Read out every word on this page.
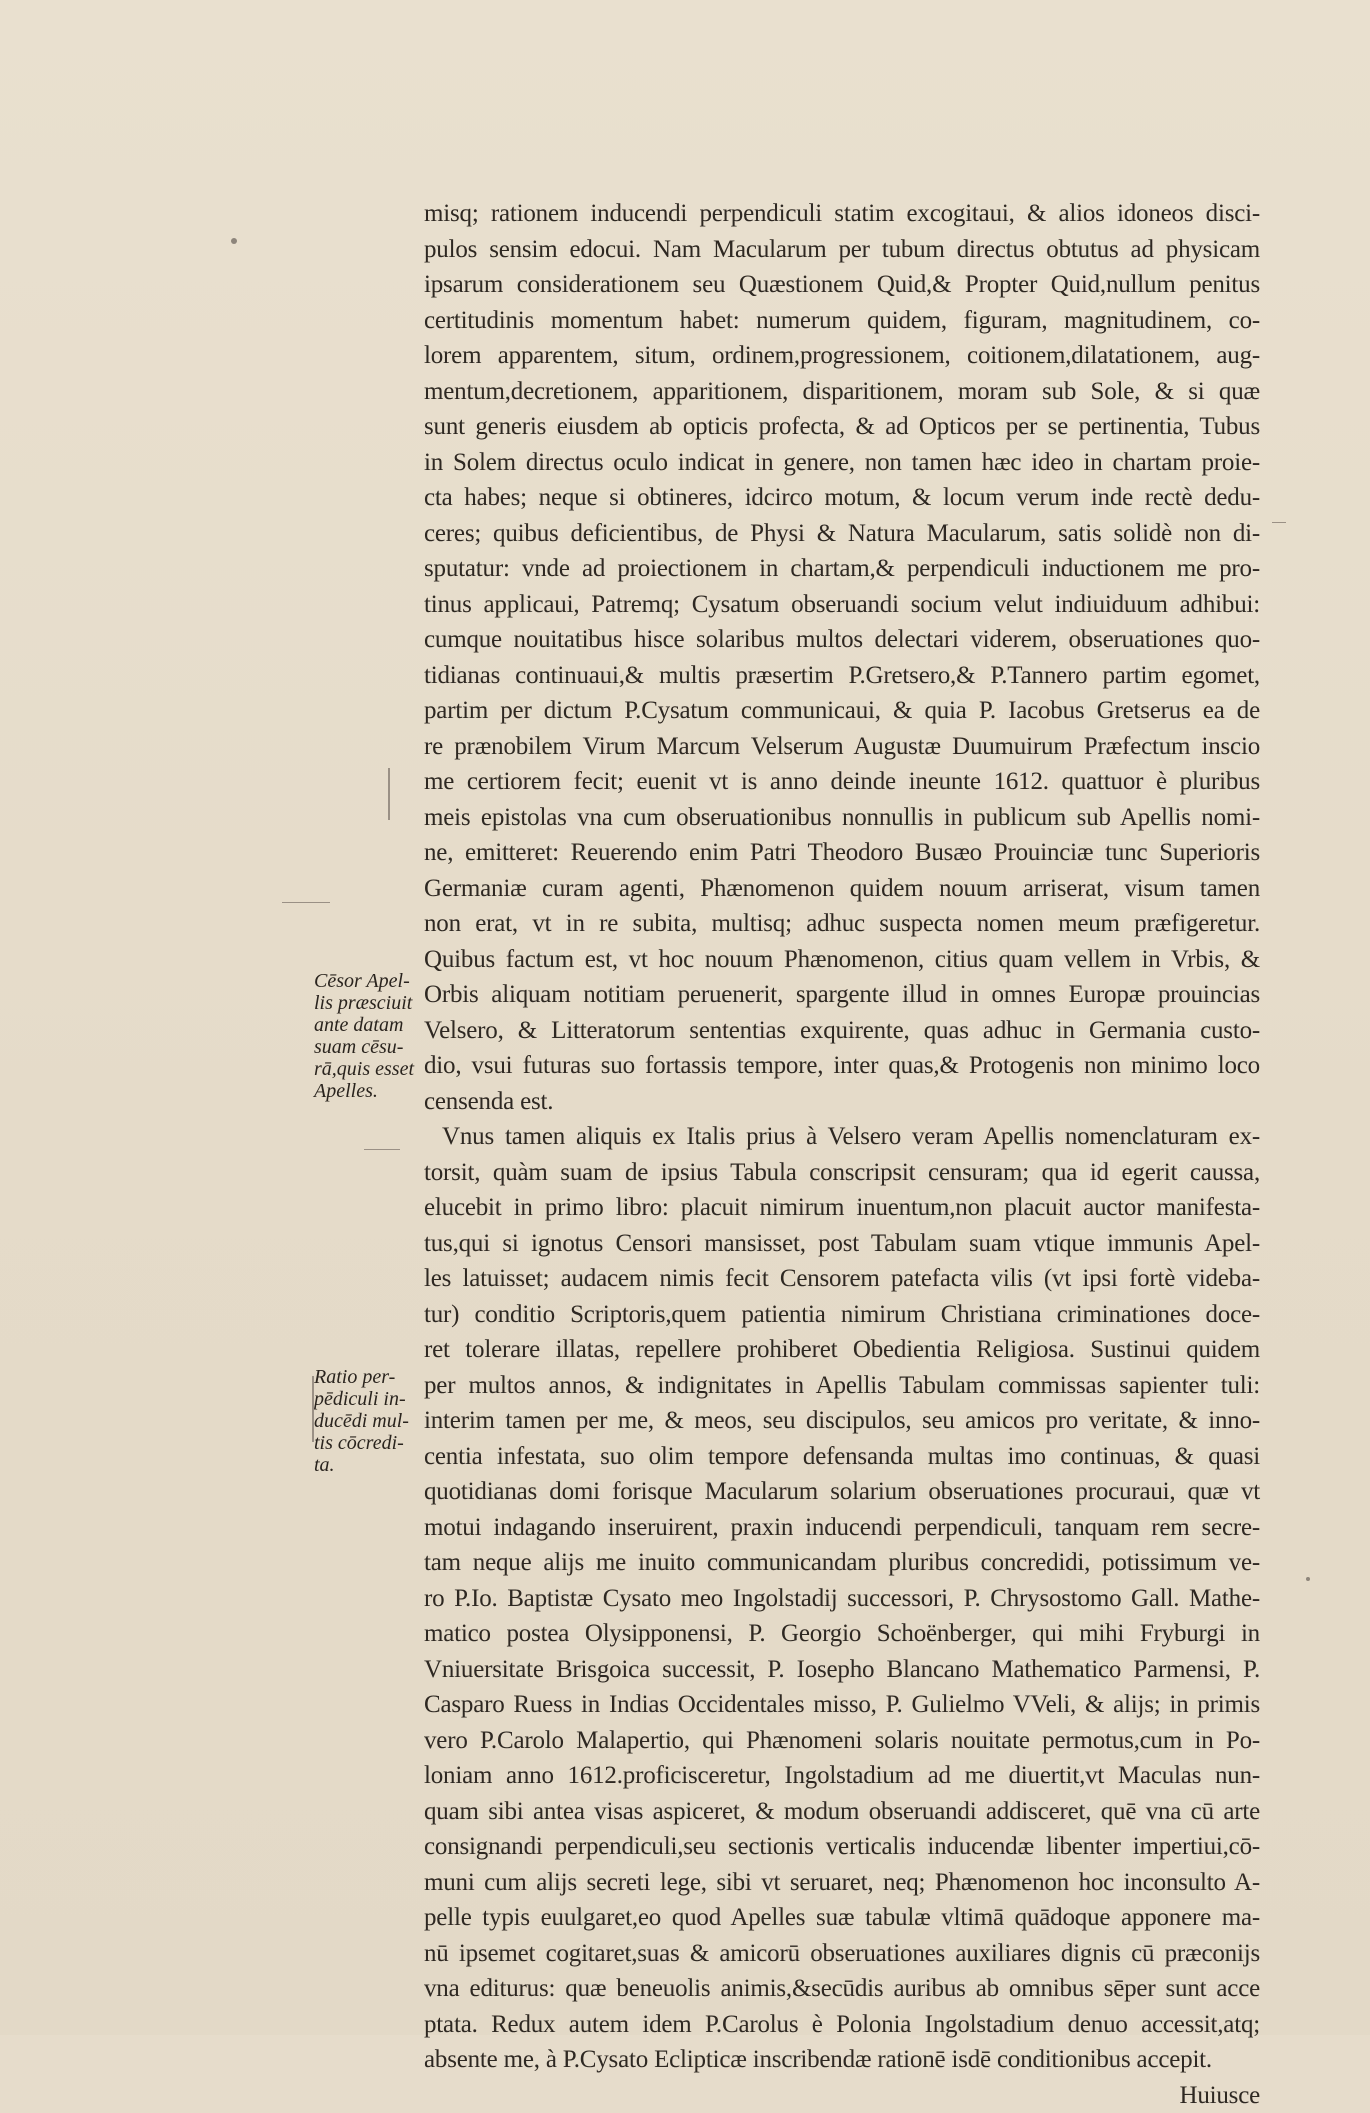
misq; rationem inducendi perpendiculi statim excogitaui, & alios idoneos disci-
pulos sensim edocui. Nam Macularum per tubum directus obtutus ad physicam
ipsarum considerationem seu Quæstionem Quid,& Propter Quid,nullum penitus
certitudinis momentum habet: numerum quidem, figuram, magnitudinem, co-
lorem apparentem, situm, ordinem,progressionem, coitionem,dilatationem, aug-
mentum,decretionem, apparitionem, disparitionem, moram sub Sole, & si quæ
sunt generis eiusdem ab opticis profecta, & ad Opticos per se pertinentia, Tubus
in Solem directus oculo indicat in genere, non tamen hæc ideo in chartam proie-
cta habes; neque si obtineres, idcirco motum, & locum verum inde rectè dedu-
ceres; quibus deficientibus, de Physi & Natura Macularum, satis solidè non di-
sputatur: vnde ad proiectionem in chartam,& perpendiculi inductionem me pro-
tinus applicaui, Patremq; Cysatum obseruandi socium velut indiuiduum adhibui:
cumque nouitatibus hisce solaribus multos delectari viderem, obseruationes quo-
tidianas continuaui,& multis præsertim P.Gretsero,& P.Tannero partim egomet,
partim per dictum P.Cysatum communicaui, & quia P. Iacobus Gretserus ea de
re prænobilem Virum Marcum Velserum Augustæ Duumuirum Præfectum inscio
me certiorem fecit; euenit vt is anno deinde ineunte 1612. quattuor è pluribus
meis epistolas vna cum obseruationibus nonnullis in publicum sub Apellis nomi-
ne, emitteret: Reuerendo enim Patri Theodoro Busæo Prouinciæ tunc Superioris
Germaniæ curam agenti, Phænomenon quidem nouum arriserat, visum tamen
non erat, vt in re subita, multisq; adhuc suspecta nomen meum præfigeretur.
Quibus factum est, vt hoc nouum Phænomenon, citius quam vellem in Vrbis, &
Orbis aliquam notitiam peruenerit, spargente illud in omnes Europæ prouincias
Velsero, & Litteratorum sententias exquirente, quas adhuc in Germania custo-
dio, vsui futuras suo fortassis tempore, inter quas,& Protogenis non minimo loco
censenda est.
Vnus tamen aliquis ex Italis prius à Velsero veram Apellis nomenclaturam ex-
torsit, quàm suam de ipsius Tabula conscripsit censuram; qua id egerit caussa,
elucebit in primo libro: placuit nimirum inuentum,non placuit auctor manifesta-
tus,qui si ignotus Censori mansisset, post Tabulam suam vtique immunis Apel-
les latuisset; audacem nimis fecit Censorem patefacta vilis (vt ipsi fortè videba-
tur) conditio Scriptoris,quem patientia nimirum Christiana criminationes doce-
ret tolerare illatas, repellere prohiberet Obedientia Religiosa. Sustinui quidem
per multos annos, & indignitates in Apellis Tabulam commissas sapienter tuli:
interim tamen per me, & meos, seu discipulos, seu amicos pro veritate, & inno-
centia infestata, suo olim tempore defensanda multas imo continuas, & quasi
quotidianas domi forisque Macularum solarium obseruationes procuraui, quæ vt
motui indagando inseruirent, praxin inducendi perpendiculi, tanquam rem secre-
tam neque alijs me inuito communicandam pluribus concredidi, potissimum ve-
ro P.Io. Baptistæ Cysato meo Ingolstadij successori, P. Chrysostomo Gall. Mathe-
matico postea Olysipponensi, P. Georgio Schoënberger, qui mihi Fryburgi in
Vniuersitate Brisgoica successit, P. Iosepho Blancano Mathematico Parmensi, P.
Casparo Ruess in Indias Occidentales misso, P. Gulielmo VVeli, & alijs; in primis
vero P.Carolo Malapertio, qui Phænomeni solaris nouitate permotus,cum in Po-
loniam anno 1612.proficisceretur, Ingolstadium ad me diuertit,vt Maculas nun-
quam sibi antea visas aspiceret, & modum obseruandi addisceret, quē vna cū arte
consignandi perpendiculi,seu sectionis verticalis inducendæ libenter impertiui,cō-
muni cum alijs secreti lege, sibi vt seruaret, neq; Phænomenon hoc inconsulto A-
pelle typis euulgaret,eo quod Apelles suæ tabulæ vltimā quādoque apponere ma-
nū ipsemet cogitaret,suas & amicorū obseruationes auxiliares dignis cū præconijs
vna editurus: quæ beneuolis animis,&secūdis auribus ab omnibus sēper sunt acce
ptata. Redux autem idem P.Carolus è Polonia Ingolstadium denuo accessit,atq;
absente me, à P.Cysato Eclipticæ inscribendæ rationē isdē conditionibus accepit.
Huiusce
Cēsor Apel-
lis præsciuit
ante datam
suam cēsu-
rā,quis esset
Apelles.
Ratio per-
pēdiculi in-
ducēdi mul-
tis cōcredi-
ta.
